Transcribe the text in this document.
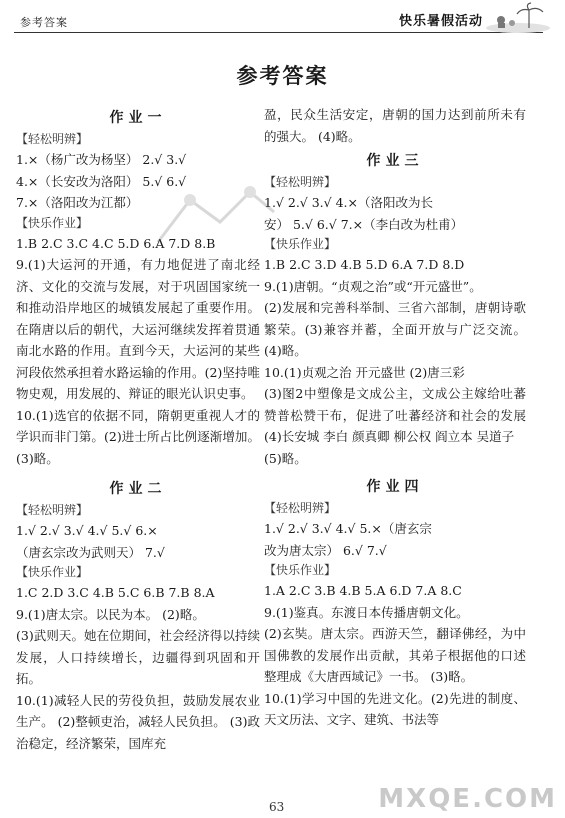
参考答案	快乐暑假活动
参考答案
作业一
【轻松明辨】
1.×（杨广改为杨坚） 2.√ 3.√
4.×（长安改为洛阳） 5.√ 6.√
7.×（洛阳改为江都）
【快乐作业】
1.B 2.C 3.C 4.C 5.D 6.A 7.D 8.B
9.(1)大运河的开通，有力地促进了南北经济、文化的交流与发展，对于巩固国家统一和推动沿岸地区的城镇发展起了重要作用。在隋唐以后的朝代，大运河继续发挥着贯通南北水路的作用。直到今天，大运河的某些河段依然承担着水路运输的作用。(2)坚持唯物史观，用发展的、辩证的眼光认识史事。
10.(1)选官的依据不同，隋朝更重视人才的学识而非门第。(2)进士所占比例逐渐增加。(3)略。
作业二
【轻松明辨】
1.√ 2.√ 3.√ 4.√ 5.√ 6.×
（唐玄宗改为武则天） 7.√
【快乐作业】
1.C 2.D 3.C 4.B 5.C 6.B 7.B 8.A
9.(1)唐太宗。以民为本。 (2)略。
(3)武则天。她在位期间，社会经济得以持续发展，人口持续增长，边疆得到巩固和开拓。
10.(1)减轻人民的劳役负担，鼓励发展农业生产。 (2)整顿吏治，减轻人民负担。 (3)政治稳定，经济繁荣，国库充
盈，民众生活安定，唐朝的国力达到前所未有的强大。 (4)略。
作业三
【轻松明辨】
1.√ 2.√ 3.√ 4.×（洛阳改为长
安） 5.√ 6.√ 7.×（李白改为杜甫）
【快乐作业】
1.B 2.C 3.D 4.B 5.D 6.A 7.D 8.D
9.(1)唐朝。“贞观之治”或“开元盛世”。
(2)发展和完善科举制、三省六部制，唐朝诗歌繁荣。(3)兼容并蓄，全面开放与广泛交流。 (4)略。
10.(1)贞观之治 开元盛世 (2)唐三彩
(3)图2中塑像是文成公主，文成公主嫁给吐蕃赞普松赞干布，促进了吐蕃经济和社会的发展 (4)长安城 李白 颜真卿 柳公权 阎立本 吴道子
(5)略。
作业四
【轻松明辨】
1.√ 2.√ 3.√ 4.√ 5.×（唐玄宗
改为唐太宗） 6.√ 7.√
【快乐作业】
1.A 2.C 3.B 4.B 5.A 6.D 7.A 8.C
9.(1)鉴真。东渡日本传播唐朝文化。
(2)玄奘。唐太宗。西游天竺，翻译佛经，为中国佛教的发展作出贡献，其弟子根据他的口述整理成《大唐西域记》一书。 (3)略。
10.(1)学习中国的先进文化。(2)先进的制度、天文历法、文字、建筑、书法等
63	MXQE.COM
